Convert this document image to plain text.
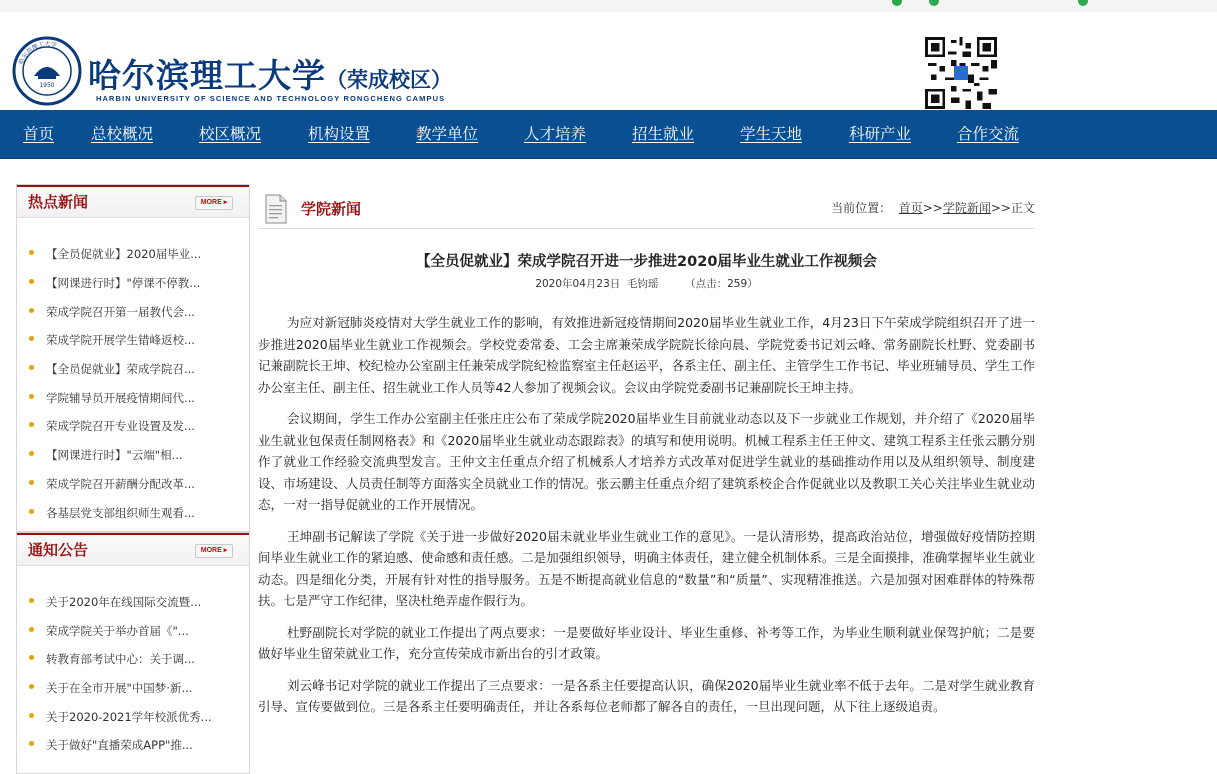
哈尔滨理工大学
1950 哈尔滨理工大学（荣成校区）
HARBIN UNIVERSITY OF SCIENCE AND TECHNOLOGY RONGCHENG CAMPUS
首页 总校概况	校区概况	机构设置	教学单位	人才培养	招生就业	学生天地	科研产业	合作交流
热点新闻	MORE ▸
【全员促就业】2020届毕业...
【网课进行时】"停课不停教...
荣成学院召开第一届教代会...
荣成学院开展学生错峰返校...
【全员促就业】荣成学院召...
学院辅导员开展疫情期间代...
荣成学院召开专业设置及发...
【网课进行时】"云端"相...
荣成学院召开薪酬分配改革...
各基层党支部组织师生观看...
通知公告	MORE ▸
关于2020年在线国际交流暨...
荣成学院关于举办首届《"...
转教育部考试中心：关于调...
关于在全市开展"中国梦·新...
关于2020-2021学年校派优秀...
关于做好"直播荣成APP"推...
学院新闻	当前位置： 首页>>学院新闻>>正文
【全员促就业】荣成学院召开进一步推进2020届毕业生就业工作视频会
2020年04月23日  毛钧瑶        （点击：259）

为应对新冠肺炎疫情对大学生就业工作的影响，有效推进新冠疫情期间2020届毕业生就业工作，4月23日下午荣成学院组织召开了进一步推进2020届毕业生就业工作视频会。学校党委常委、工会主席兼荣成学院院长徐向晨、学院党委书记刘云峰、常务副院长杜野、党委副书记兼副院长王坤、校纪检办公室副主任兼荣成学院纪检监察室主任赵运平，各系主任、副主任、主管学生工作书记、毕业班辅导员、学生工作办公室主任、副主任、招生就业工作人员等42人参加了视频会议。会议由学院党委副书记兼副院长王坤主持。

会议期间，学生工作办公室副主任张庄庄公布了荣成学院2020届毕业生目前就业动态以及下一步就业工作规划，并介绍了《2020届毕业生就业包保责任制网格表》和《2020届毕业生就业动态跟踪表》的填写和使用说明。机械工程系主任王仲文、建筑工程系主任张云鹏分别作了就业工作经验交流典型发言。王仲文主任重点介绍了机械系人才培养方式改革对促进学生就业的基础推动作用以及从组织领导、制度建设、市场建设、人员责任制等方面落实全员就业工作的情况。张云鹏主任重点介绍了建筑系校企合作促就业以及教职工关心关注毕业生就业动态，一对一指导促就业的工作开展情况。

王坤副书记解读了学院《关于进一步做好2020届未就业毕业生就业工作的意见》。一是认清形势，提高政治站位，增强做好疫情防控期间毕业生就业工作的紧迫感、使命感和责任感。二是加强组织领导，明确主体责任，建立健全机制体系。三是全面摸排，准确掌握毕业生就业动态。四是细化分类，开展有针对性的指导服务。五是不断提高就业信息的“数量”和“质量”、实现精准推送。六是加强对困难群体的特殊帮扶。七是严守工作纪律，坚决杜绝弄虚作假行为。

杜野副院长对学院的就业工作提出了两点要求：一是要做好毕业设计、毕业生重修、补考等工作，为毕业生顺利就业保驾护航；二是要做好毕业生留荣就业工作，充分宣传荣成市新出台的引才政策。

刘云峰书记对学院的就业工作提出了三点要求：一是各系主任要提高认识，确保2020届毕业生就业率不低于去年。二是对学生就业教育引导、宣传要做到位。三是各系主任要明确责任，并让各系每位老师都了解各自的责任，一旦出现问题，从下往上逐级追责。
